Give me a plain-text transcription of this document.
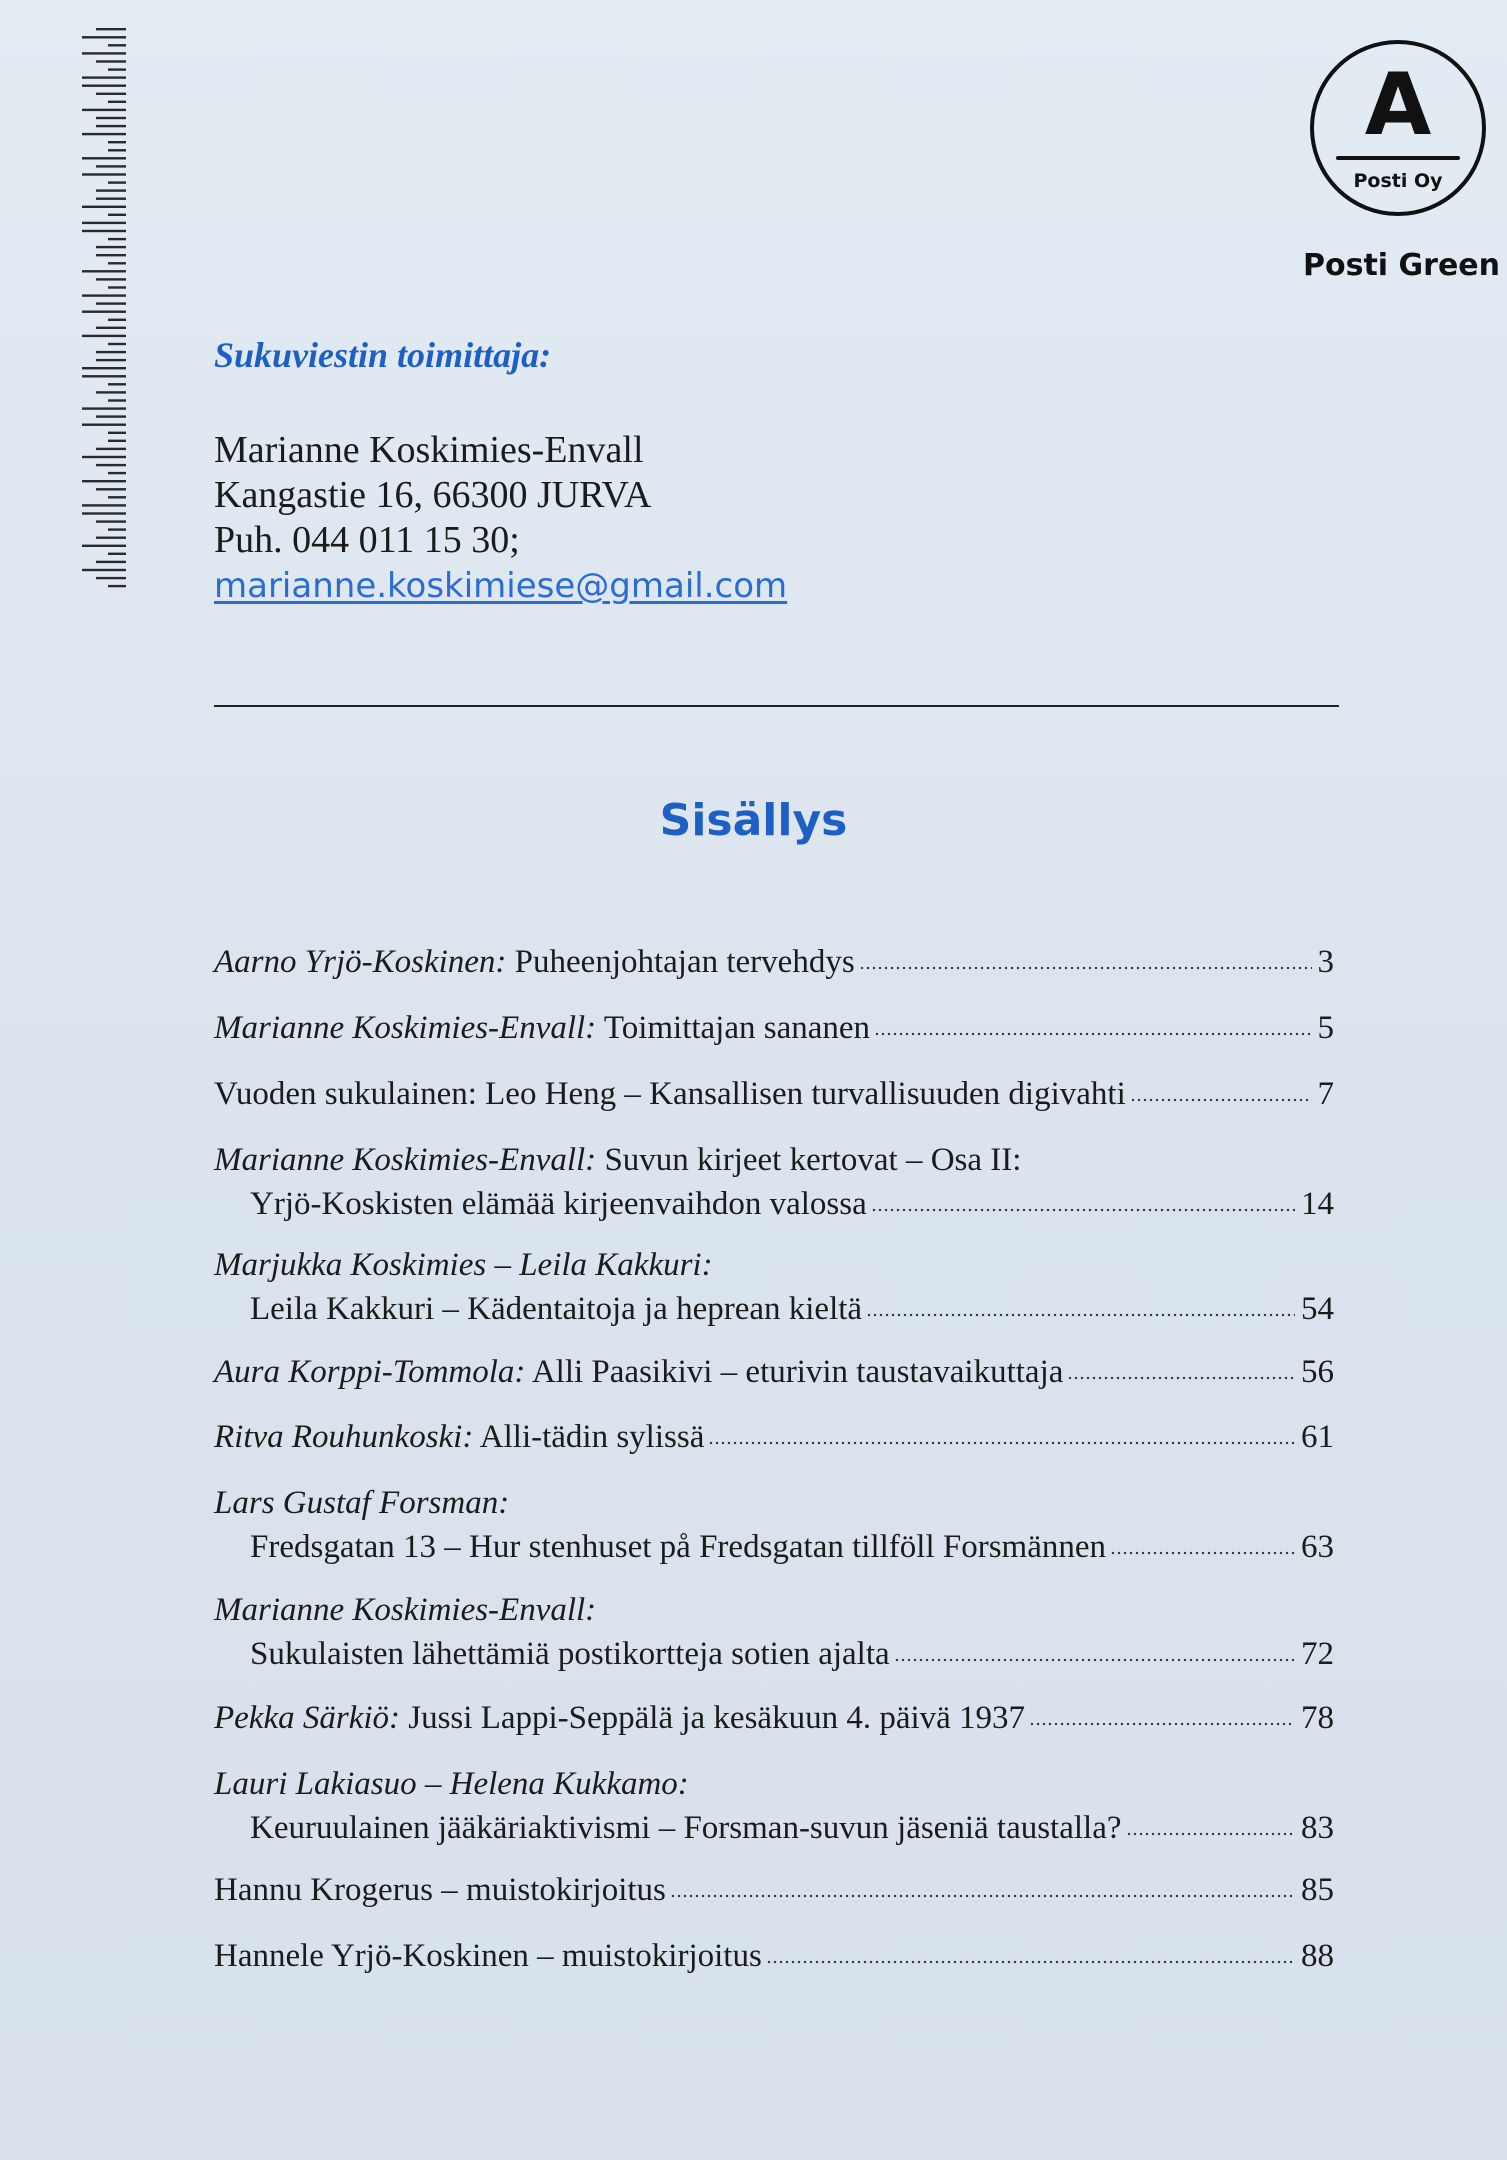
A
Posti Oy
Posti Green
Sukuviestin toimittaja:
Marianne Koskimies-Envall
Kangastie 16, 66300 JURVA
Puh. 044 011 15 30;
marianne.koskimiese@gmail.com
Sisällys
Aarno Yrjö-Koskinen: Puheenjohtajan tervehdys	3
Marianne Koskimies-Envall: Toimittajan sananen	5
Vuoden sukulainen: Leo Heng – Kansallisen turvallisuuden digivahti	7
Marianne Koskimies-Envall: Suvun kirjeet kertovat – Osa II:
Yrjö-Koskisten elämää kirjeenvaihdon valossa	14
Marjukka Koskimies – Leila Kakkuri:
Leila Kakkuri – Kädentaitoja ja heprean kieltä	54
Aura Korppi-Tommola: Alli Paasikivi – eturivin taustavaikuttaja	56
Ritva Rouhunkoski: Alli-tädin sylissä	61
Lars Gustaf Forsman:
Fredsgatan 13 – Hur stenhuset på Fredsgatan tillföll Forsmännen	63
Marianne Koskimies-Envall:
Sukulaisten lähettämiä postikortteja sotien ajalta	72
Pekka Särkiö: Jussi Lappi-Seppälä ja kesäkuun 4. päivä 1937	78
Lauri Lakiasuo – Helena Kukkamo:
Keuruulainen jääkäriaktivismi – Forsman-suvun jäseniä taustalla?	83
Hannu Krogerus – muistokirjoitus	85
Hannele Yrjö-Koskinen – muistokirjoitus	88
